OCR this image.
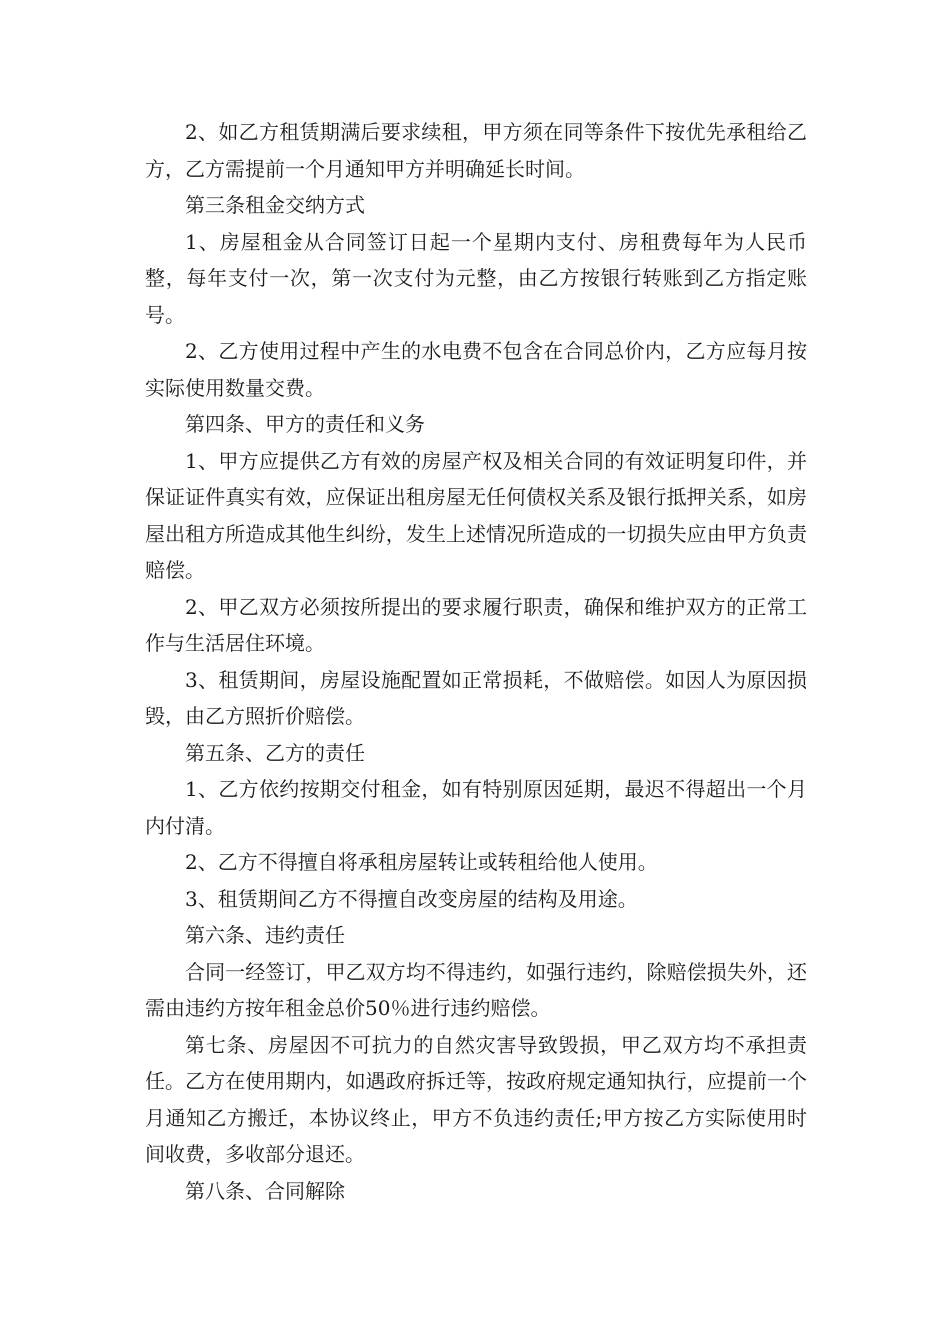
2、如乙方租赁期满后要求续租，甲方须在同等条件下按优先承租给乙方，乙方需提前一个月通知甲方并明确延长时间。

第三条租金交纳方式

1、房屋租金从合同签订日起一个星期内支付、房租费每年为人民币整，每年支付一次，第一次支付为元整，由乙方按银行转账到乙方指定账号。

2、乙方使用过程中产生的水电费不包含在合同总价内，乙方应每月按实际使用数量交费。

第四条、甲方的责任和义务

1、甲方应提供乙方有效的房屋产权及相关合同的有效证明复印件，并保证证件真实有效，应保证出租房屋无任何债权关系及银行抵押关系，如房屋出租方所造成其他生纠纷，发生上述情况所造成的一切损失应由甲方负责赔偿。

2、甲乙双方必须按所提出的要求履行职责，确保和维护双方的正常工作与生活居住环境。

3、租赁期间，房屋设施配置如正常损耗，不做赔偿。如因人为原因损毁，由乙方照折价赔偿。

第五条、乙方的责任

1、乙方依约按期交付租金，如有特别原因延期，最迟不得超出一个月内付清。

2、乙方不得擅自将承租房屋转让或转租给他人使用。

3、租赁期间乙方不得擅自改变房屋的结构及用途。

第六条、违约责任

合同一经签订，甲乙双方均不得违约，如强行违约，除赔偿损失外，还需由违约方按年租金总价50％进行违约赔偿。

第七条、房屋因不可抗力的自然灾害导致毁损，甲乙双方均不承担责任。乙方在使用期内，如遇政府拆迁等，按政府规定通知执行，应提前一个月通知乙方搬迁，本协议终止，甲方不负违约责任;甲方按乙方实际使用时间收费，多收部分退还。

第八条、合同解除
